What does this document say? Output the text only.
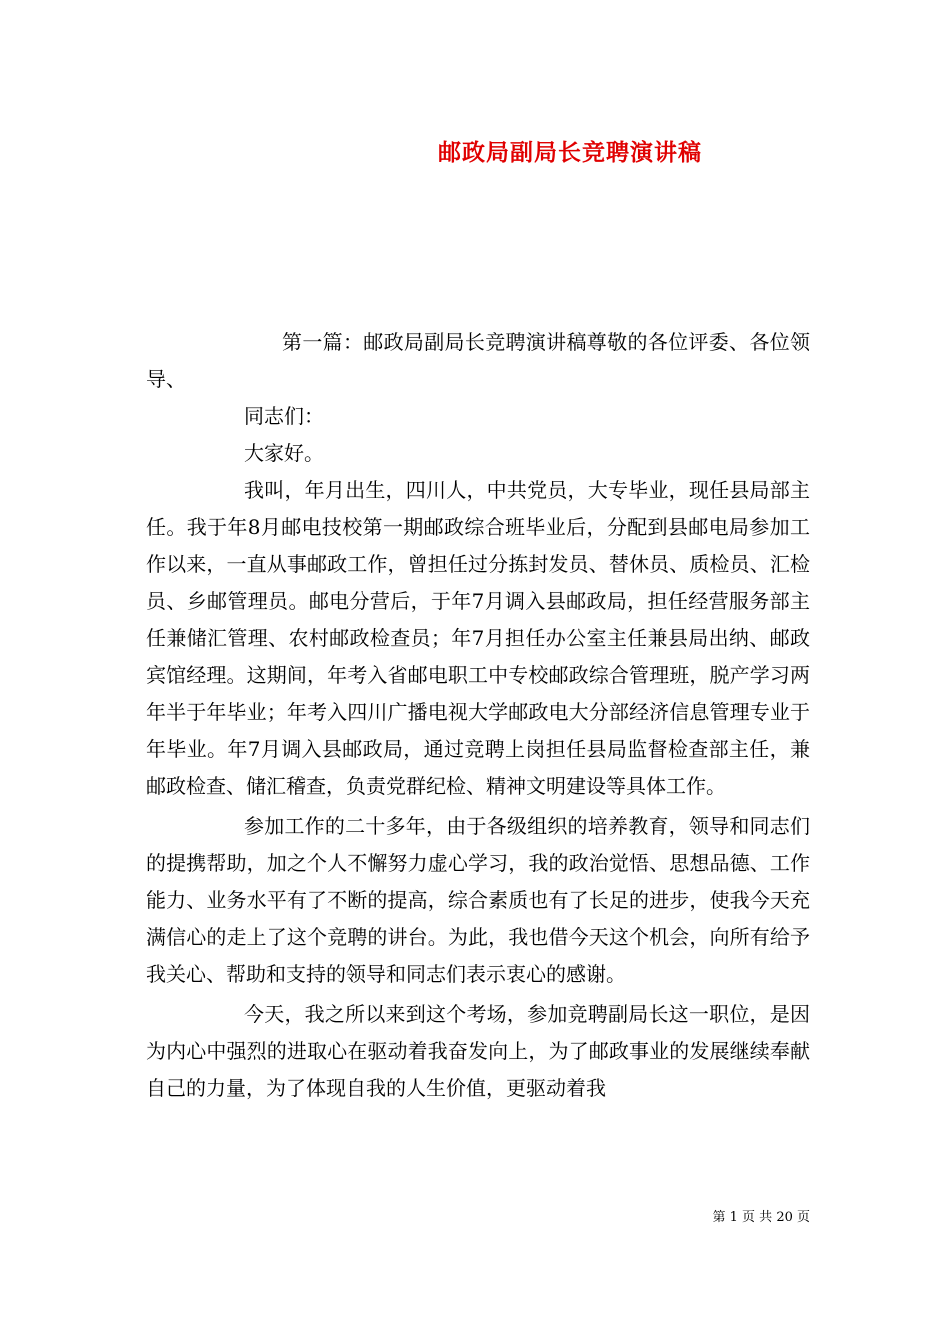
邮政局副局长竞聘演讲稿

第一篇：邮政局副局长竞聘演讲稿尊敬的各位评委、各位领导、

同志们：

大家好。

我叫，年月出生，四川人，中共党员，大专毕业，现任县局部主任。我于年8月邮电技校第一期邮政综合班毕业后，分配到县邮电局参加工作以来，一直从事邮政工作，曾担任过分拣封发员、替休员、质检员、汇检员、乡邮管理员。邮电分营后，于年7月调入县邮政局，担任经营服务部主任兼储汇管理、农村邮政检查员；年7月担任办公室主任兼县局出纳、邮政宾馆经理。这期间，年考入省邮电职工中专校邮政综合管理班，脱产学习两年半于年毕业；年考入四川广播电视大学邮政电大分部经济信息管理专业于年毕业。年7月调入县邮政局，通过竞聘上岗担任县局监督检查部主任，兼邮政检查、储汇稽查，负责党群纪检、精神文明建设等具体工作。

参加工作的二十多年，由于各级组织的培养教育，领导和同志们的提携帮助，加之个人不懈努力虚心学习，我的政治觉悟、思想品德、工作能力、业务水平有了不断的提高，综合素质也有了长足的进步，使我今天充满信心的走上了这个竞聘的讲台。为此，我也借今天这个机会，向所有给予我关心、帮助和支持的领导和同志们表示衷心的感谢。

今天，我之所以来到这个考场，参加竞聘副局长这一职位，是因为内心中强烈的进取心在驱动着我奋发向上，为了邮政事业的发展继续奉献自己的力量，为了体现自我的人生价值，更驱动着我

第 1 页 共 20 页
